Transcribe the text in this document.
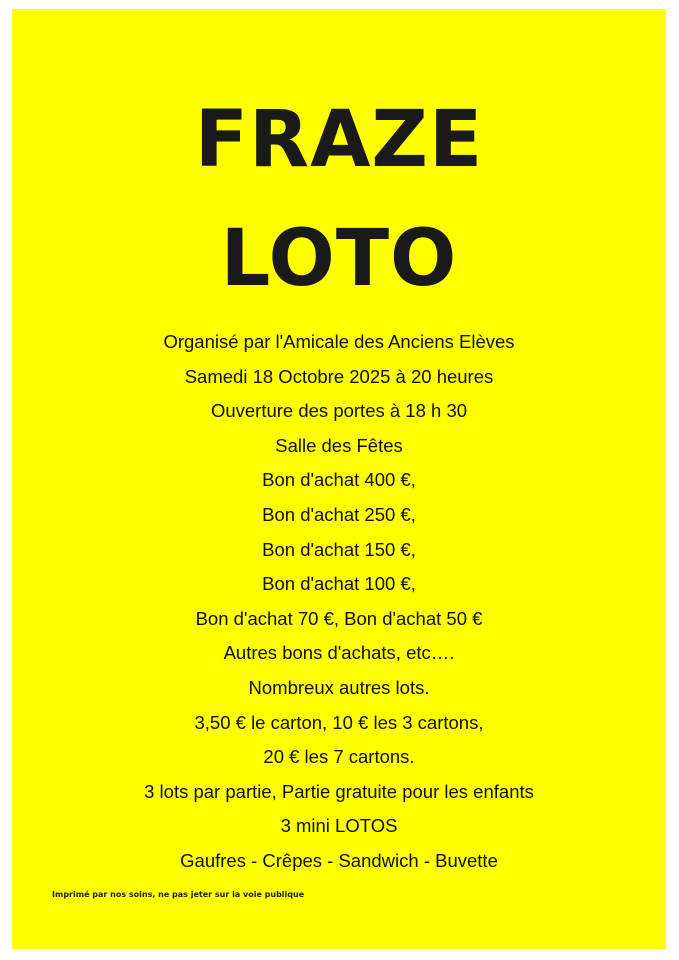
FRAZE
LOTO
Organisé par l'Amicale des Anciens Elèves
Samedi 18 Octobre 2025 à 20 heures
Ouverture des portes à 18 h 30
Salle des Fêtes
Bon d'achat 400 €,
Bon d'achat 250 €,
Bon d'achat 150 €,
Bon d'achat 100 €,
Bon d'achat 70 €, Bon d'achat 50 €
Autres bons d'achats, etc….
Nombreux autres lots.
3,50 € le carton, 10 € les 3 cartons,
20 € les 7 cartons.
3 lots par partie, Partie gratuite pour les enfants
3 mini LOTOS
Gaufres - Crêpes - Sandwich - Buvette
Imprimé par nos soins, ne pas jeter sur la voie publique
